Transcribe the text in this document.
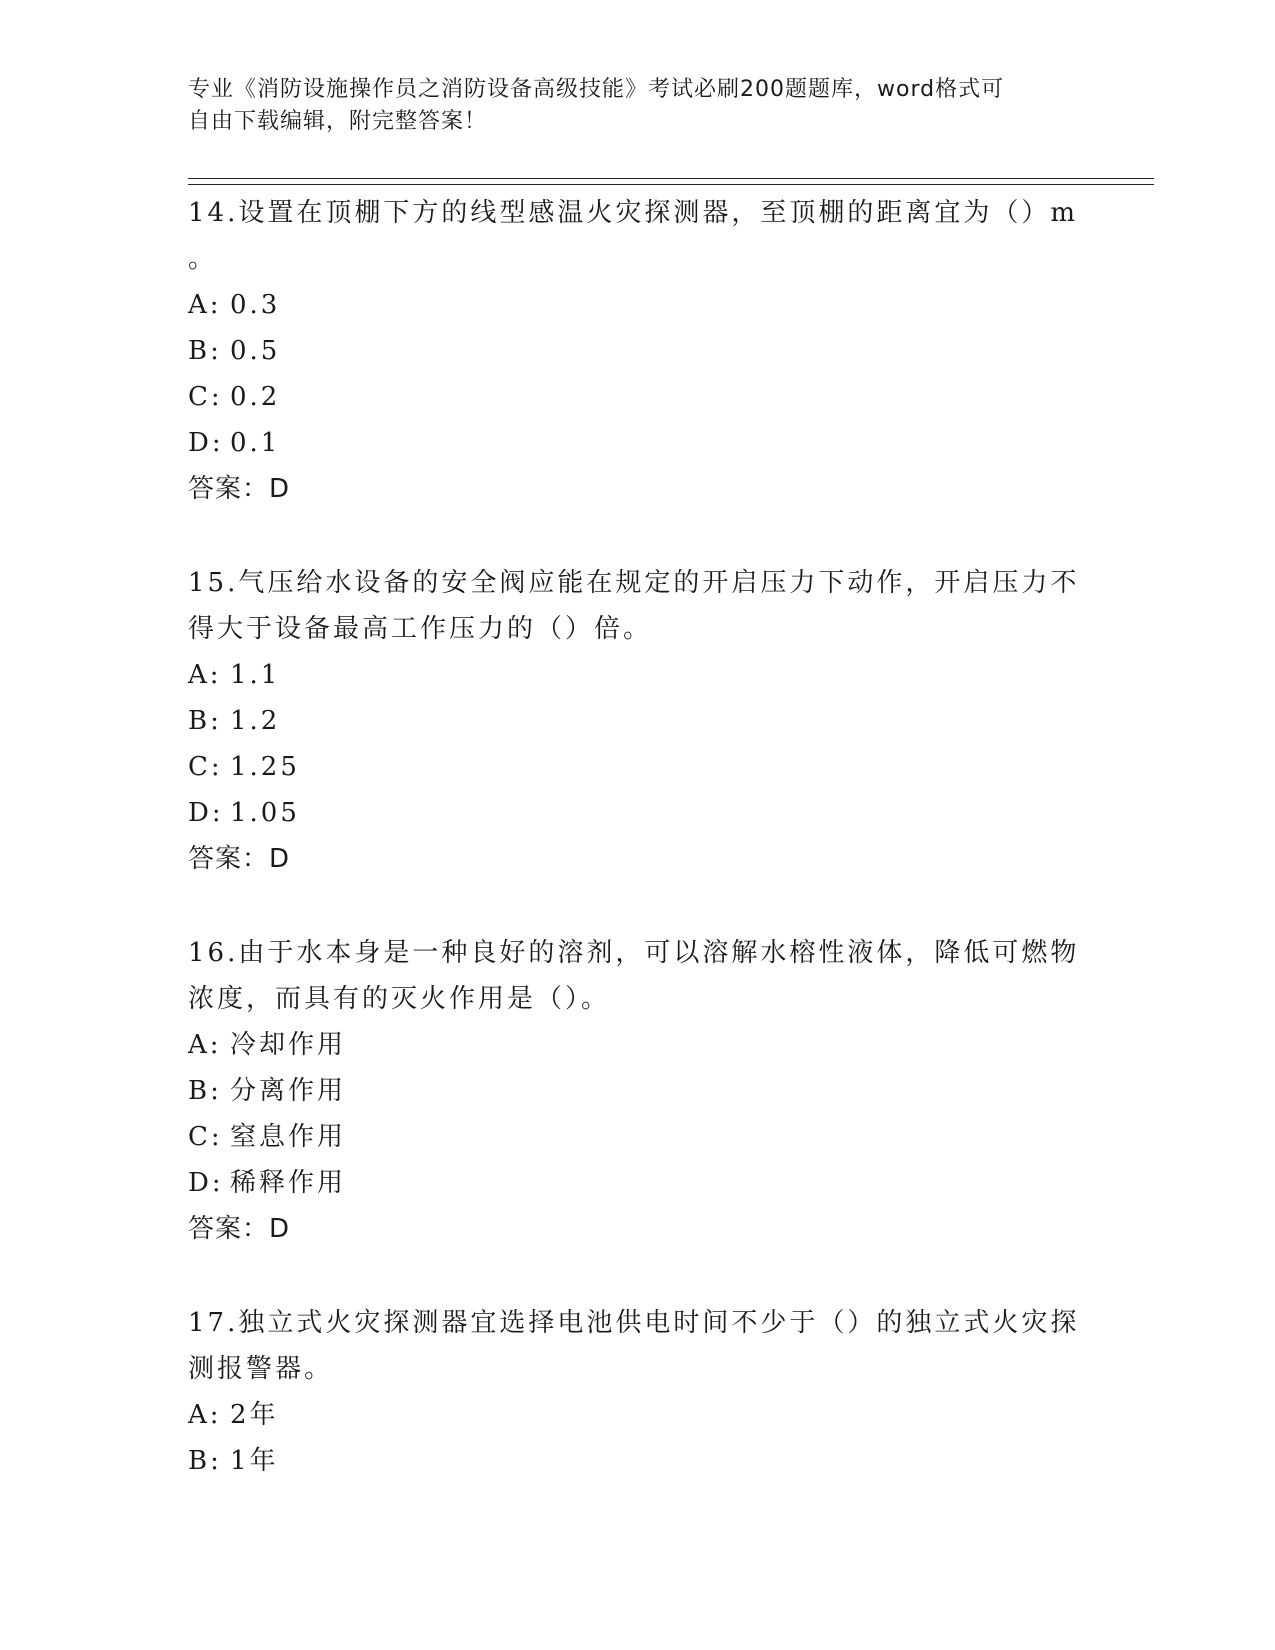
专业《消防设施操作员之消防设备高级技能》考试必刷200题题库，word格式可
自由下载编辑，附完整答案！
14.设置在顶棚下方的线型感温火灾探测器，至顶棚的距离宜为（）m
。
A: 0.3
B: 0.5
C: 0.2
D: 0.1
答案：D
15.气压给水设备的安全阀应能在规定的开启压力下动作，开启压力不
得大于设备最高工作压力的（）倍。
A: 1.1
B: 1.2
C: 1.25
D: 1.05
答案：D
16.由于水本身是一种良好的溶剂，可以溶解水榕性液体，降低可燃物
浓度，而具有的灭火作用是（）。
A: 冷却作用
B: 分离作用
C: 窒息作用
D: 稀释作用
答案：D
17.独立式火灾探测器宜选择电池供电时间不少于（）的独立式火灾探
测报警器。
A: 2年
B: 1年
